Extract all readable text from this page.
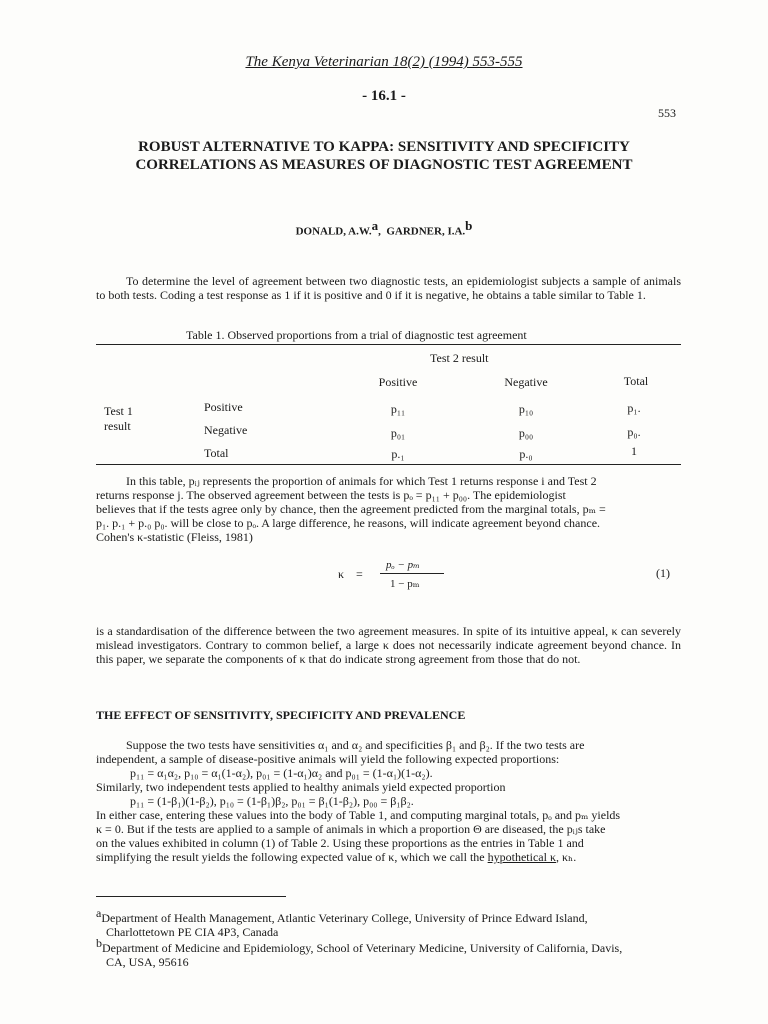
The Kenya Veterinarian 18(2) (1994) 553-555
- 16.1 -
553
ROBUST ALTERNATIVE TO KAPPA: SENSITIVITY AND SPECIFICITY
CORRELATIONS AS MEASURES OF DIAGNOSTIC TEST AGREEMENT
DONALD, A.W.$^a$,  GARDNER, I.A.$^b$
To determine the level of agreement between two diagnostic tests, an epidemiologist subjects a sample of animals to both tests. Coding a test response as 1 if it is positive and 0 if it is negative, he obtains a table similar to Table 1.
Table 1. Observed proportions from a trial of diagnostic test agreement
Test 2 result
Positive	Negative	Total
Test 1
result
Positive	p₁₁	p₁₀	p₁.
Negative	p₀₁	p₀₀	p₀.
Total	p.₁	p.₀	1
In this table, pᵢⱼ represents the proportion of animals for which Test 1 returns response i and Test 2
returns response j. The observed agreement between the tests is pₒ = p₁₁ + p₀₀. The epidemiologist
believes that if the tests agree only by chance, then the agreement predicted from the marginal totals, pₘ =
p₁. p.₁ + p.₀ p₀. will be close to pₒ. A large difference, he reasons, will indicate agreement beyond chance.
Cohen's κ-statistic (Fleiss, 1981)
κ =
pₒ − pₘ
1 − pₘ
(1)
is a standardisation of the difference between the two agreement measures. In spite of its intuitive appeal, κ can severely mislead investigators. Contrary to common belief, a large κ does not necessarily indicate agreement beyond chance. In this paper, we separate the components of κ that do indicate strong agreement from those that do not.
THE EFFECT OF SENSITIVITY, SPECIFICITY AND PREVALENCE
Suppose the two tests have sensitivities α₁ and α₂ and specificities β₁ and β₂. If the two tests are
independent, a sample of disease-positive animals will yield the following expected proportions:
p₁₁ = α₁α₂, p₁₀ = α₁(1-α₂), p₀₁ = (1-α₁)α₂ and p₀₁ = (1-α₁)(1-α₂).
Similarly, two independent tests applied to healthy animals yield expected proportion
p₁₁ = (1-β₁)(1-β₂), p₁₀ = (1-β₁)β₂, p₀₁ = β₁(1-β₂), p₀₀ = β₁β₂.
In either case, entering these values into the body of Table 1, and computing marginal totals, pₒ and pₘ yields
κ = 0. But if the tests are applied to a sample of animals in which a proportion Θ are diseased, the pᵢⱼs take
on the values exhibited in column (1) of Table 2. Using these proportions as the entries in Table 1 and
simplifying the result yields the following expected value of κ, which we call the hypothetical κ, κₕ.
$^a$Department of Health Management, Atlantic Veterinary College, University of Prince Edward Island,
Charlottetown PE CIA 4P3, Canada
$^b$Department of Medicine and Epidemiology, School of Veterinary Medicine, University of California, Davis,
CA, USA, 95616
